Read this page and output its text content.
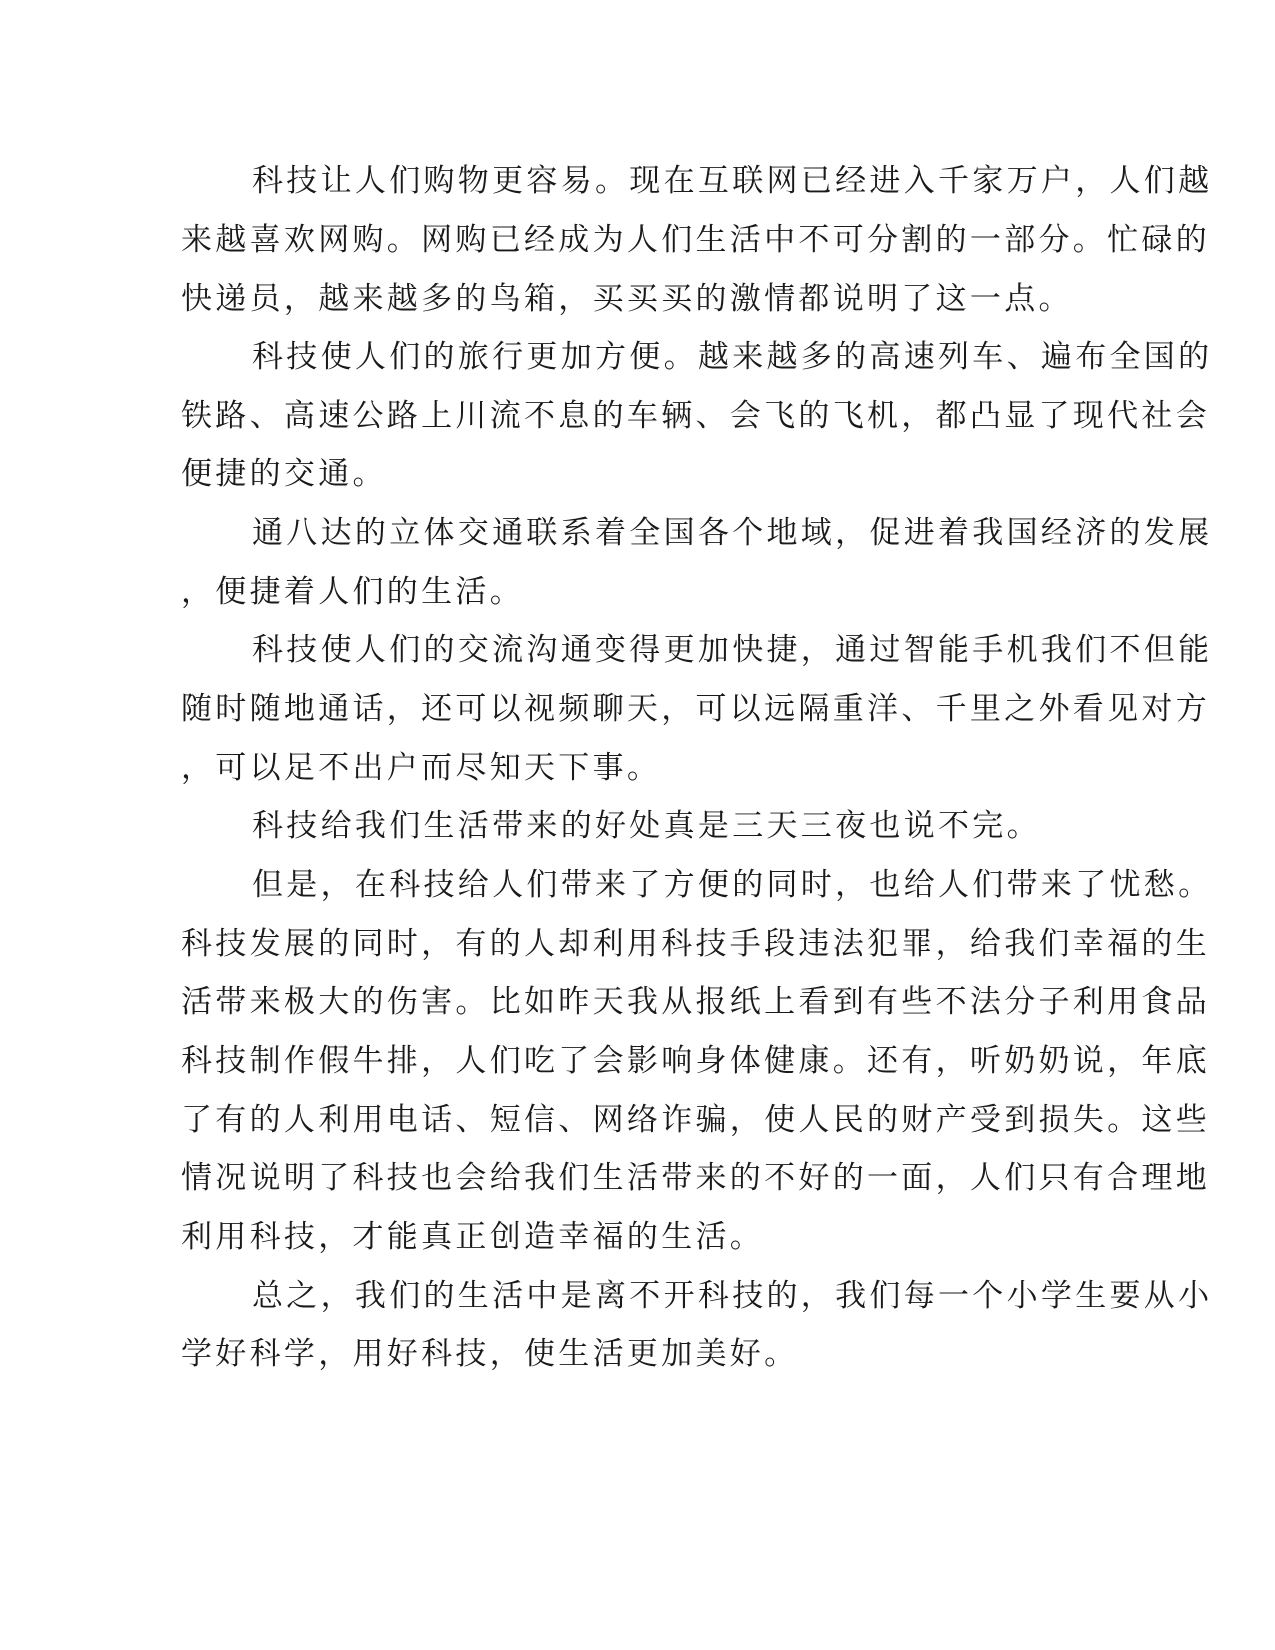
科技让人们购物更容易。现在互联网已经进入千家万户，人们越
来越喜欢网购。网购已经成为人们生活中不可分割的一部分。忙碌的
快递员，越来越多的鸟箱，买买买的激情都说明了这一点。
科技使人们的旅行更加方便。越来越多的高速列车、遍布全国的
铁路、高速公路上川流不息的车辆、会飞的飞机，都凸显了现代社会
便捷的交通。
通八达的立体交通联系着全国各个地域，促进着我国经济的发展
，便捷着人们的生活。
科技使人们的交流沟通变得更加快捷，通过智能手机我们不但能
随时随地通话，还可以视频聊天，可以远隔重洋、千里之外看见对方
，可以足不出户而尽知天下事。
科技给我们生活带来的好处真是三天三夜也说不完。
但是，在科技给人们带来了方便的同时，也给人们带来了忧愁。
科技发展的同时，有的人却利用科技手段违法犯罪，给我们幸福的生
活带来极大的伤害。比如昨天我从报纸上看到有些不法分子利用食品
科技制作假牛排，人们吃了会影响身体健康。还有，听奶奶说，年底
了有的人利用电话、短信、网络诈骗，使人民的财产受到损失。这些
情况说明了科技也会给我们生活带来的不好的一面，人们只有合理地
利用科技，才能真正创造幸福的生活。
总之，我们的生活中是离不开科技的，我们每一个小学生要从小
学好科学，用好科技，使生活更加美好。
